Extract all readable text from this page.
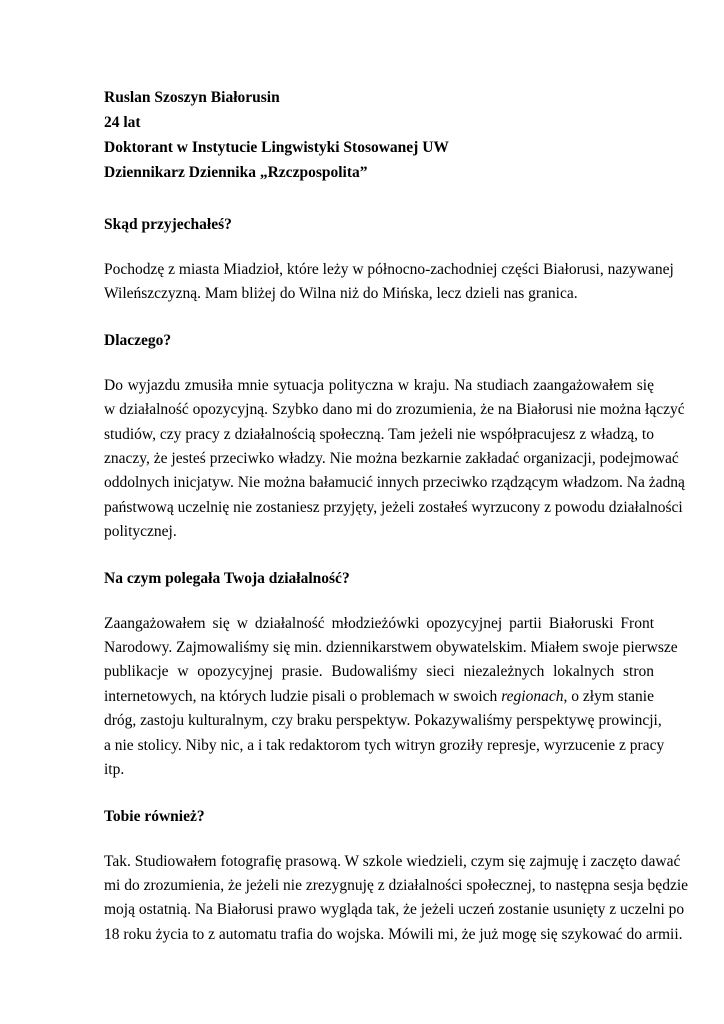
Ruslan Szoszyn Białorusin

24 lat

Doktorant w Instytucie Lingwistyki Stosowanej UW

Dziennikarz Dziennika „Rzczpospolita”

Skąd przyjechałeś?

Pochodzę z miasta Miadzioł, które leży w północno-zachodniej części Białorusi, nazywanej
Wileńszczyzną. Mam bliżej do Wilna niż do Mińska, lecz dzieli nas granica.

Dlaczego?

Do wyjazdu zmusiła mnie sytuacja polityczna w kraju. Na studiach zaangażowałem się
w działalność opozycyjną. Szybko dano mi do zrozumienia, że na Białorusi nie można łączyć
studiów, czy pracy z działalnością społeczną. Tam jeżeli nie współpracujesz z władzą, to
znaczy, że jesteś przeciwko władzy. Nie można bezkarnie zakładać organizacji, podejmować
oddolnych inicjatyw. Nie można bałamucić innych przeciwko rządzącym władzom. Na żadną
państwową uczelnię nie zostaniesz przyjęty, jeżeli zostałeś wyrzucony z powodu działalności
politycznej.

Na czym polegała Twoja działalność?

Zaangażowałem się w działalność młodzieżówki opozycyjnej partii Białoruski Front
Narodowy. Zajmowaliśmy się min. dziennikarstwem obywatelskim. Miałem swoje pierwsze
publikacje w opozycyjnej prasie. Budowaliśmy sieci niezależnych lokalnych stron
internetowych, na których ludzie pisali o problemach w swoich regionach, o złym stanie
dróg, zastoju kulturalnym, czy braku perspektyw. Pokazywaliśmy perspektywę prowincji,
a nie stolicy. Niby nic, a i tak redaktorom tych witryn groziły represje, wyrzucenie z pracy
itp.

Tobie również?

Tak. Studiowałem fotografię prasową. W szkole wiedzieli, czym się zajmuję i zaczęto dawać
mi do zrozumienia, że jeżeli nie zrezygnuję z działalności społecznej, to następna sesja będzie
moją ostatnią. Na Białorusi prawo wygląda tak, że jeżeli uczeń zostanie usunięty z uczelni po
18 roku życia to z automatu trafia do wojska. Mówili mi, że już mogę się szykować do armii.
